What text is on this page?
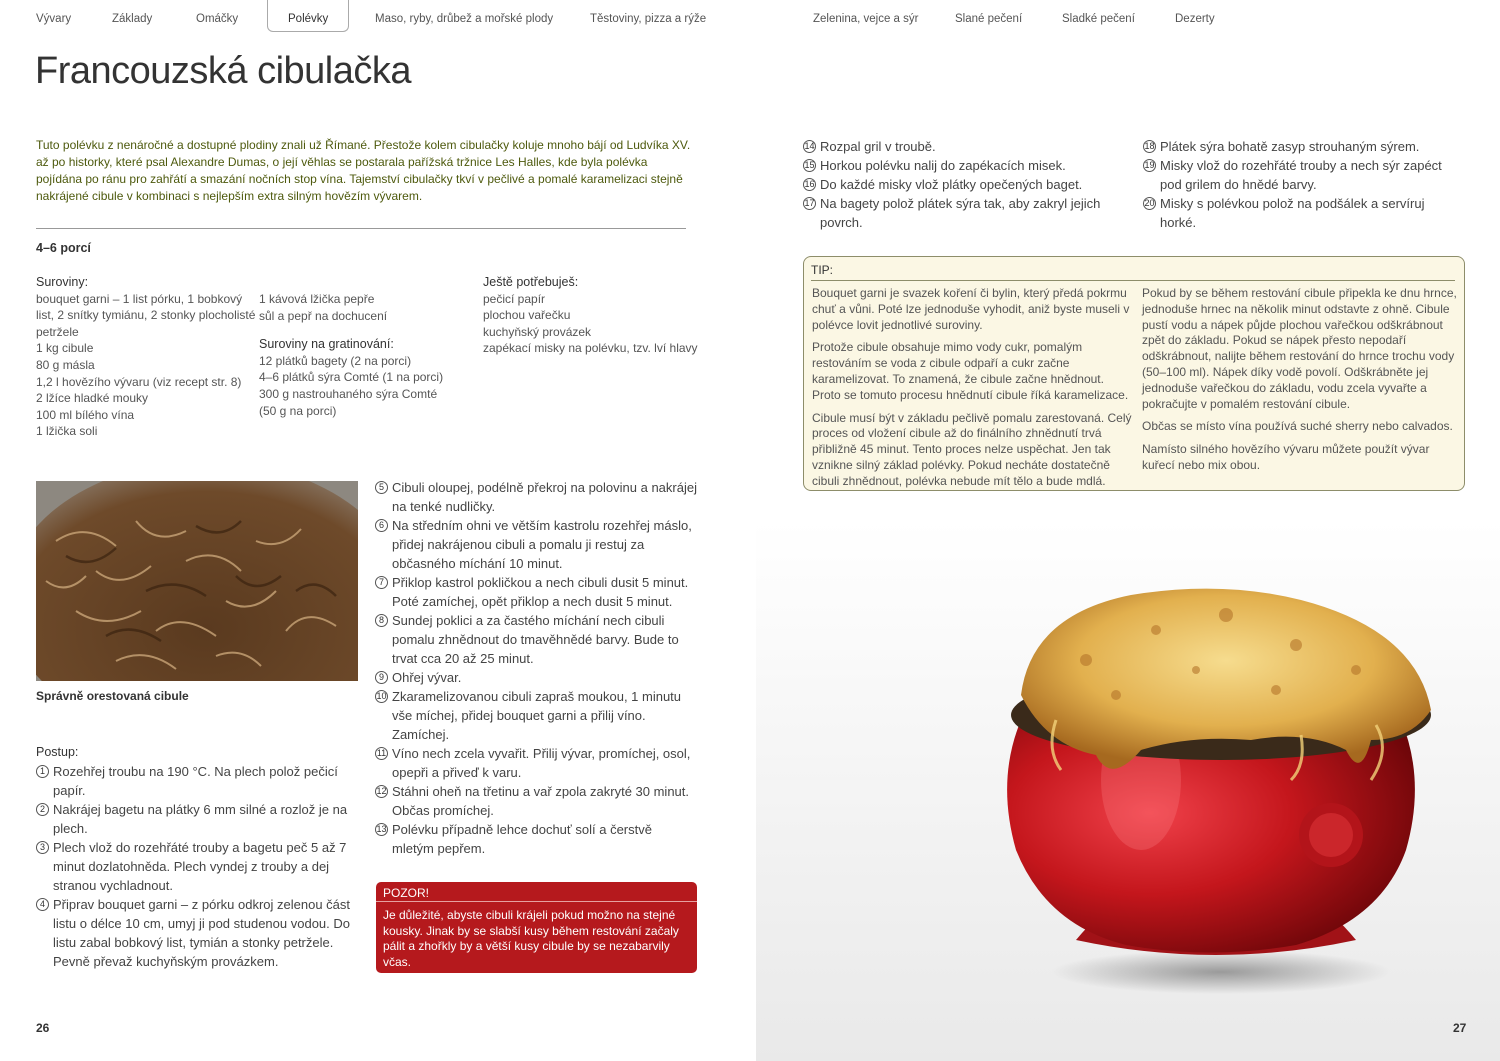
Vývary	Základy	Omáčky	Polévky	Maso, ryby, drůbež a mořské plody	Těstoviny, pizza a rýže	Zelenina, vejce a sýr	Slané pečení	Sladké pečení	Dezerty
Francouzská cibulačka

Tuto polévku z nenáročné a dostupné plodiny znali už Římané. Přestože kolem cibulačky koluje mnoho bájí od Ludvíka XV. až po historky, které psal Alexandre Dumas, o její věhlas se postarala pařížská tržnice Les Halles, kde byla polévka pojídána po ránu pro zahřátí a smazání nočních stop vína. Tajemství cibulačky tkví v pečlivé a pomalé karamelizaci stejně nakrájené cibule v kombinaci s nejlepším extra silným hovězím vývarem.

4–6 porcí
Suroviny:
bouquet garni – 1 list pórku, 1 bobkový list, 2 snítky tymiánu, 2 stonky plocholisté petržele
1 kg cibule
80 g másla
1,2 l hovězího vývaru (viz recept str. 8)
2 lžíce hladké mouky
100 ml bílého vína
1 lžička soli
1 kávová lžička pepře
sůl a pepř na dochucení
Suroviny na gratinování:
12 plátků bagety (2 na porci)
4–6 plátků sýra Comté (1 na porci)
300 g nastrouhaného sýra Comté
(50 g na porci)
Ještě potřebuješ:
pečicí papír
plochou vařečku
kuchyňský provázek
zapékací misky na polévku, tzv. lví hlavy
Správně orestovaná cibule
Postup:
1 Rozehřej troubu na 190 °C. Na plech polož pečicí papír.
2 Nakrájej bagetu na plátky 6 mm silné a rozlož je na plech.
3 Plech vlož do rozehřáté trouby a bagetu peč 5 až 7 minut dozlatohněda. Plech vyndej z trouby a dej stranou vychladnout.
4 Připrav bouquet garni – z pórku odkroj zelenou část listu o délce 10 cm, umyj ji pod studenou vodou. Do listu zabal bobkový list, tymián a stonky petržele. Pevně převaž kuchyňským provázkem.
5 Cibuli oloupej, podélně překroj na polovinu a nakrájej na tenké nudličky.
6 Na středním ohni ve větším kastrolu rozehřej máslo, přidej nakrájenou cibuli a pomalu ji restuj za občasného míchání 10 minut.
7 Přiklop kastrol pokličkou a nech cibuli dusit 5 minut. Poté zamíchej, opět přiklop a nech dusit 5 minut.
8 Sundej poklici a za častého míchání nech cibuli pomalu zhnědnout do tmavěhnědé barvy. Bude to trvat cca 20 až 25 minut.
9 Ohřej vývar.
10 Zkaramelizovanou cibuli zapraš moukou, 1 minutu vše míchej, přidej bouquet garni a přilij víno. Zamíchej.
11 Víno nech zcela vyvařit. Přilij vývar, promíchej, osol, opepři a přiveď k varu.
12 Stáhni oheň na třetinu a vař zpola zakryté 30 minut. Občas promíchej.
13 Polévku případně lehce dochuť solí a čerstvě mletým pepřem.
14 Rozpal gril v troubě.
15 Horkou polévku nalij do zapékacích misek.
16 Do každé misky vlož plátky opečených baget.
17 Na bagety polož plátek sýra tak, aby zakryl jejich povrch.
18 Plátek sýra bohatě zasyp strouhaným sýrem.
19 Misky vlož do rozehřáté trouby a nech sýr zapéct pod grilem do hnědé barvy.
20 Misky s polévkou polož na podšálek a servíruj horké.
POZOR!
Je důležité, abyste cibuli krájeli pokud možno na stejné kousky. Jinak by se slabší kusy během restování začaly pálit a zhořkly by a větší kusy cibule by se nezabarvily včas.
TIP:

Bouquet garni je svazek koření či bylin, který předá pokrmu chuť a vůni. Poté lze jednoduše vyhodit, aniž byste museli v polévce lovit jednotlivé suroviny.

Protože cibule obsahuje mimo vody cukr, pomalým restováním se voda z cibule odpaří a cukr začne karamelizovat. To znamená, že cibule začne hnědnout. Proto se tomuto procesu hnědnutí cibule říká karamelizace.

Cibule musí být v základu pečlivě pomalu zarestovaná. Celý proces od vložení cibule až do finálního zhnědnutí trvá přibližně 45 minut. Tento proces nelze uspěchat. Jen tak vznikne silný základ polévky. Pokud necháte dostatečně cibuli zhnědnout, polévka nebude mít tělo a bude mdlá.

Pokud by se během restování cibule připekla ke dnu hrnce, jednoduše hrnec na několik minut odstavte z ohně. Cibule pustí vodu a nápek půjde plochou vařečkou odškrábnout zpět do základu. Pokud se nápek přesto nepodaří odškrábnout, nalijte během restování do hrnce trochu vody (50–100 ml). Nápek díky vodě povolí. Odškrábněte jej jednoduše vařečkou do základu, vodu zcela vyvařte a pokračujte v pomalém restování cibule.

Občas se místo vína používá suché sherry nebo calvados.

Namísto silného hovězího vývaru můžete použít vývar kuřecí nebo mix obou.

26	27
